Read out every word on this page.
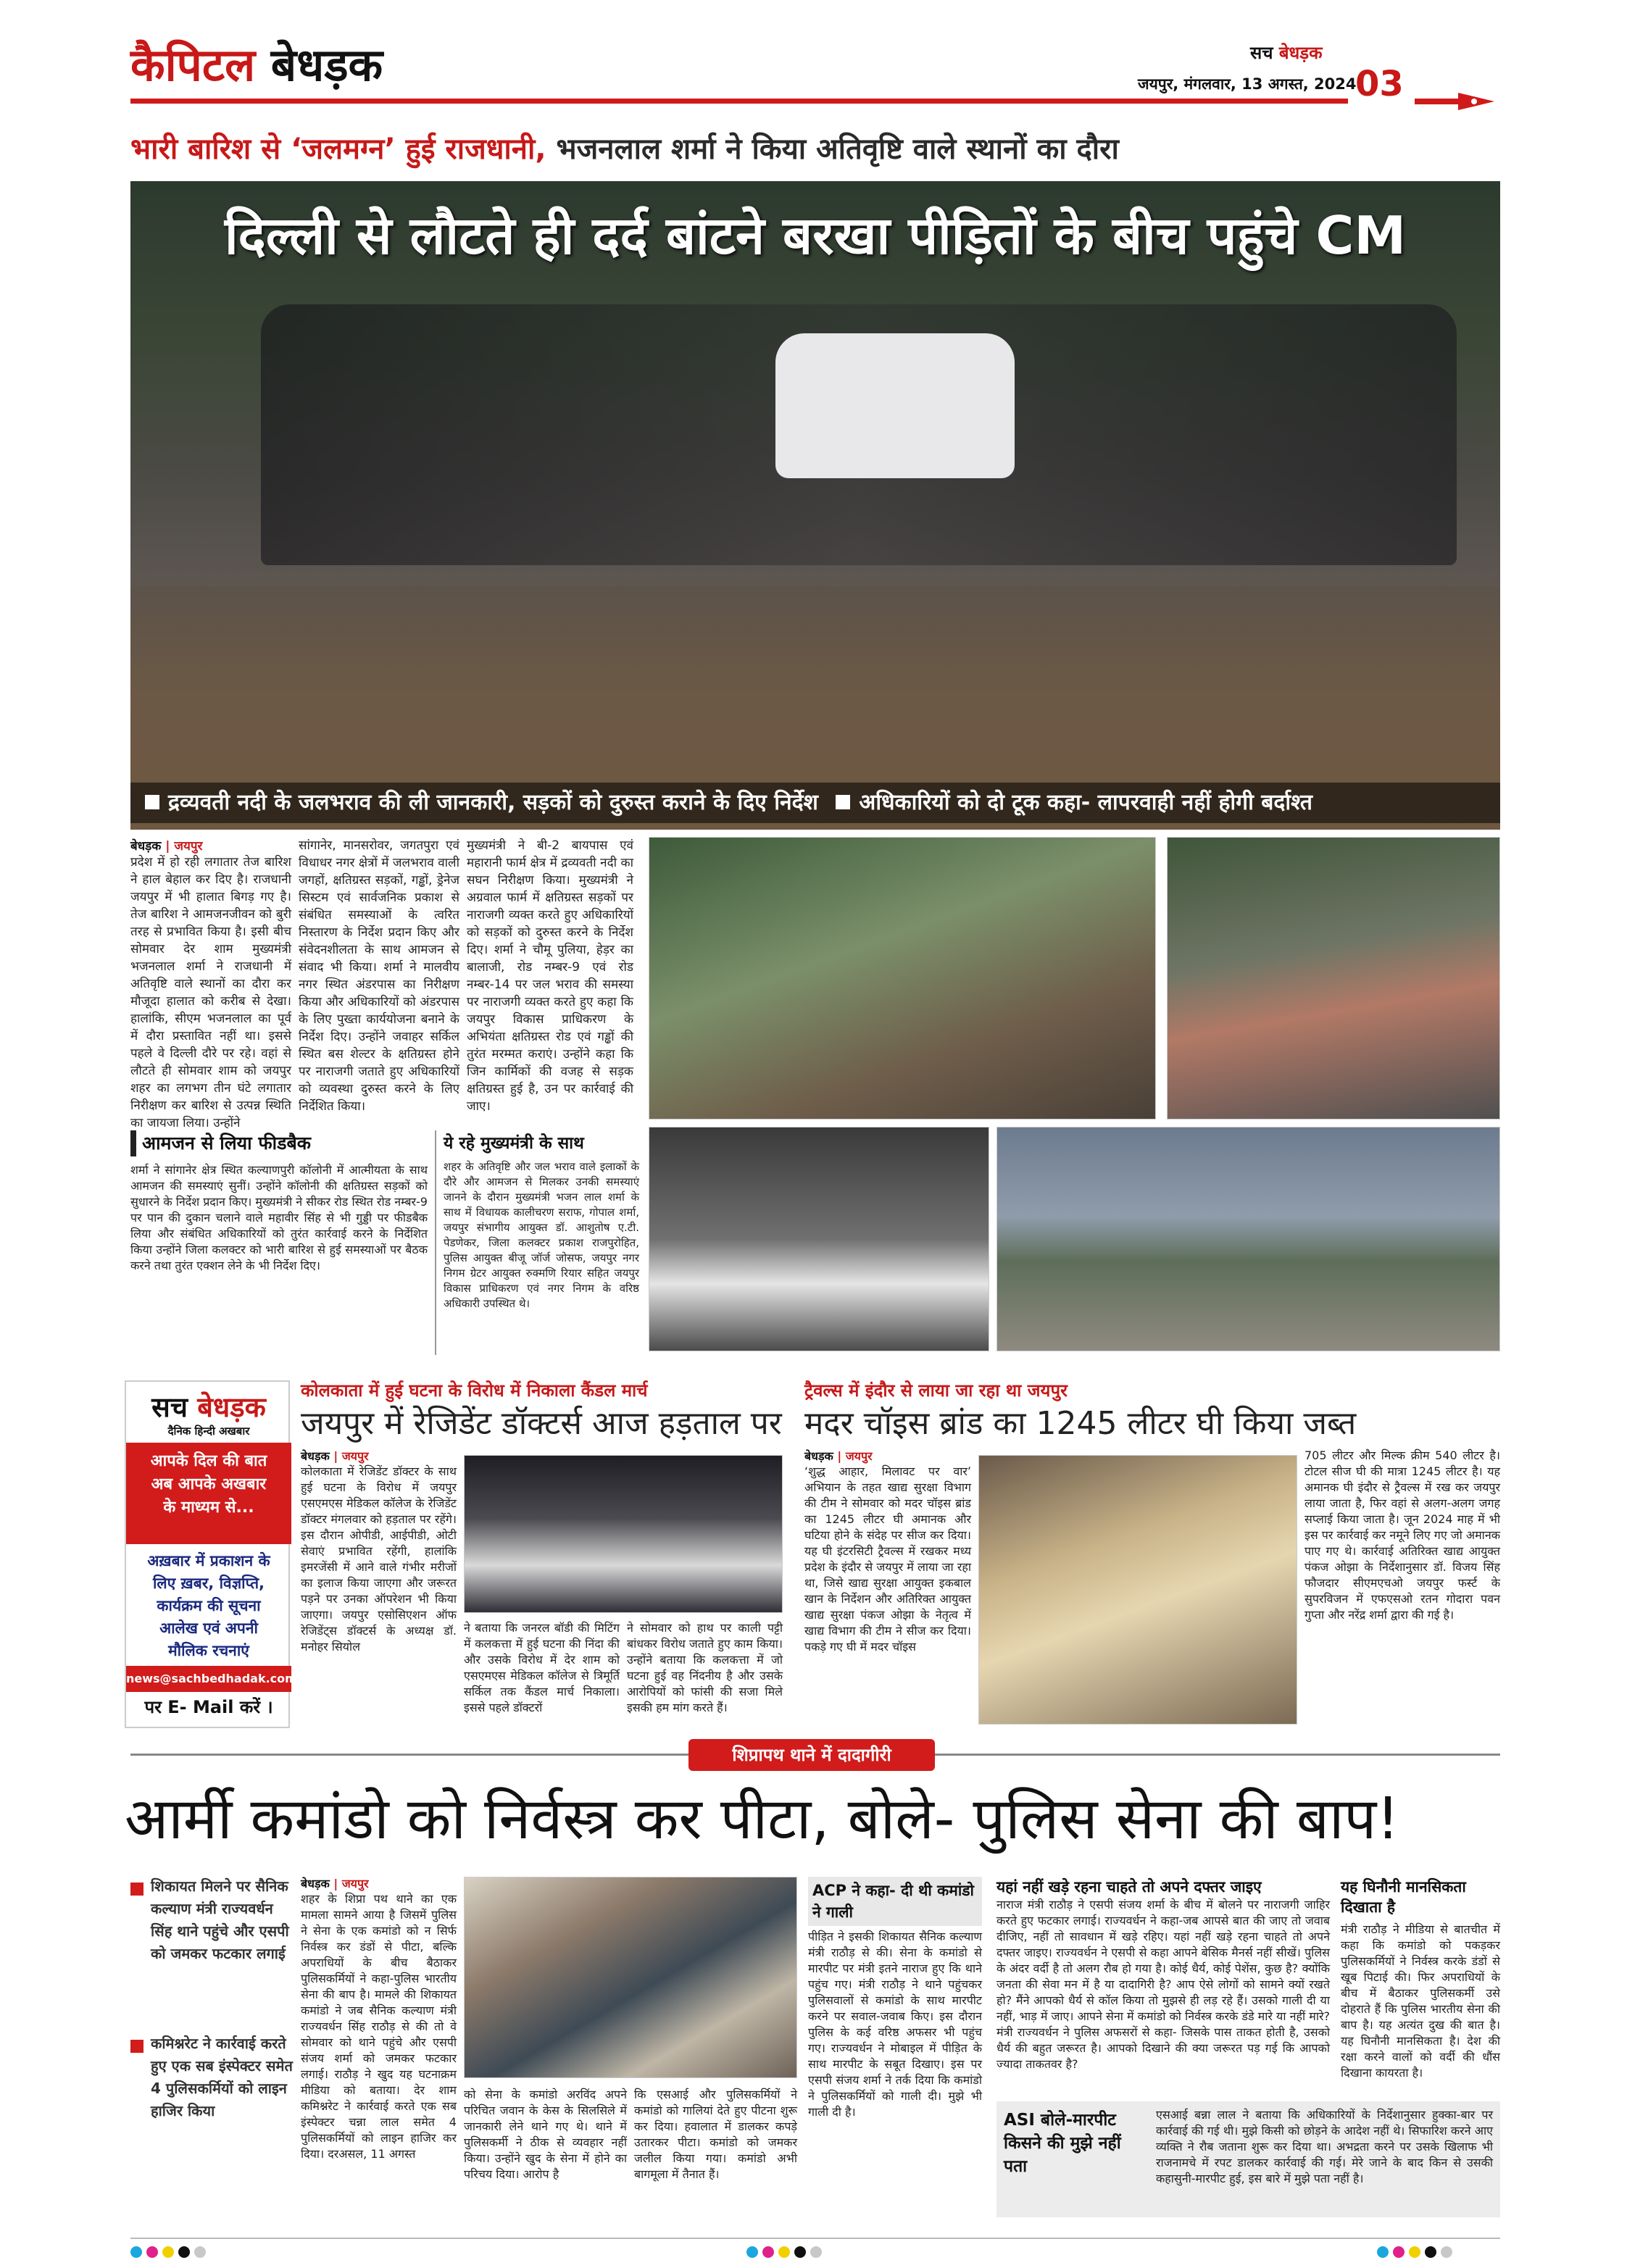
कैपिटल बेधड़क	सच बेधड़क
जयपुर, मंगलवार, 13 अगस्त, 2024
03
भारी बारिश से ‘जलमग्न’ हुई राजधानी, भजनलाल शर्मा ने किया अतिवृष्टि वाले स्थानों का दौरा
दिल्ली से लौटते ही दर्द बांटने बरखा पीड़ितों के बीच पहुंचे CM
द्रव्यवती नदी के जलभराव की ली जानकारी, सड़कों को दुरुस्त कराने के दिए निर्देश अधिकारियों को दो टूक कहा- लापरवाही नहीं होगी बर्दाश्त
बेधड़क | जयपुर
प्रदेश में हो रही लगातार तेज बारिश ने हाल बेहाल कर दिए है। राजधानी जयपुर में भी हालात बिगड़ गए है। तेज बारिश ने आमजनजीवन को बुरी तरह से प्रभावित किया है। इसी बीच सोमवार देर शाम मुख्यमंत्री भजनलाल शर्मा ने राजधानी में अतिवृष्टि वाले स्थानों का दौरा कर मौजूदा हालात को करीब से देखा। हालांकि, सीएम भजनलाल का पूर्व में दौरा प्रस्तावित नहीं था। इससे पहले वे दिल्ली दौरे पर रहे। वहां से लौटते ही सोमवार शाम को जयपुर शहर का लगभग तीन घंटे लगातार निरीक्षण कर बारिश से उत्पन्न स्थिति का जायजा लिया। उन्होंने
सांगानेर, मानसरोवर, जगतपुरा एवं विधाधर नगर क्षेत्रों में जलभराव वाली जगहों, क्षतिग्रस्त सड़कों, गड्ढों, ड्रेनेज सिस्टम एवं सार्वजनिक प्रकाश से संबंधित समस्याओं के त्वरित निस्तारण के निर्देश प्रदान किए और संवेदनशीलता के साथ आमजन से संवाद भी किया। शर्मा ने मालवीय नगर स्थित अंडरपास का निरीक्षण किया और अधिकारियों को अंडरपास के लिए पुख्ता कार्ययोजना बनाने के निर्देश दिए। उन्होंने जवाहर सर्किल स्थित बस शेल्टर के क्षतिग्रस्त होने पर नाराजगी जताते हुए अधिकारियों को व्यवस्था दुरुस्त करने के लिए निर्देशित किया।
मुख्यमंत्री ने बी-2 बायपास एवं महारानी फार्म क्षेत्र में द्रव्यवती नदी का सघन निरीक्षण किया। मुख्यमंत्री ने अग्रवाल फार्म में क्षतिग्रस्त सड़कों पर नाराजगी व्यक्त करते हुए अधिकारियों को सड़कों को दुरुस्त करने के निर्देश दिए। शर्मा ने चौमू पुलिया, हेड़र का बालाजी, रोड नम्बर-9 एवं रोड नम्बर-14 पर जल भराव की समस्या पर नाराजगी व्यक्त करते हुए कहा कि जयपुर विकास प्राधिकरण के अभियंता क्षतिग्रस्त रोड एवं गड्ढों की तुरंत मरम्मत कराएं। उन्होंने कहा कि जिन कार्मिकों की वजह से सड़क क्षतिग्रस्त हुई है, उन पर कार्रवाई की जाए।
आमजन से लिया फीडबैक
शर्मा ने सांगानेर क्षेत्र स्थित कल्याणपुरी कॉलोनी में आत्मीयता के साथ आमजन की समस्याएं सुनीं। उन्होंने कॉलोनी की क्षतिग्रस्त सड़कों को सुधारने के निर्देश प्रदान किए। मुख्यमंत्री ने सीकर रोड स्थित रोड नम्बर-9 पर पान की दुकान चलाने वाले महावीर सिंह से भी गुड्डी पर फीडबैक लिया और संबंधित अधिकारियों को तुरंत कार्रवाई करने के निर्देशित किया उन्होंने जिला कलक्टर को भारी बारिश से हुई समस्याओं पर बैठक करने तथा तुरंत एक्शन लेने के भी निर्देश दिए।
ये रहे मुख्यमंत्री के साथ
शहर के अतिवृष्टि और जल भराव वाले इलाकों के दौरे और आमजन से मिलकर उनकी समस्याएं जानने के दौरान मुख्यमंत्री भजन लाल शर्मा के साथ में विधायक कालीचरण सराफ, गोपाल शर्मा, जयपुर संभागीय आयुक्त डॉ. आशुतोष ए.टी. पेडणेकर, जिला कलक्टर प्रकाश राजपुरोहित, पुलिस आयुक्त बीजू जॉर्ज जोसफ, जयपुर नगर निगम ग्रेटर आयुक्त रुक्मणि रियार सहित जयपुर विकास प्राधिकरण एवं नगर निगम के वरिष्ठ अधिकारी उपस्थित थे।
सच बेधड़क
दैनिक हिन्दी अखबार
आपके दिल की बात
अब आपके अखबार
के माध्यम से...
अख़बार में प्रकाशन के
लिए ख़बर, विज्ञप्ति,
कार्यक्रम की सूचना
आलेख एवं अपनी
मौलिक रचनाएं
news@sachbedhadak.com
पर E- Mail करें ।
कोलकाता में हुई घटना के विरोध में निकाला कैंडल मार्च
जयपुर में रेजिडेंट डॉक्टर्स आज हड़ताल पर
बेधड़क | जयपुर
कोलकाता में रेजिडेंट डॉक्टर के साथ हुई घटना के विरोध में जयपुर एसएमएस मेडिकल कॉलेज के रेजिडेंट डॉक्टर मंगलवार को हड़ताल पर रहेंगे। इस दौरान ओपीडी, आईपीडी, ओटी सेवाएं प्रभावित रहेंगी, हालांकि इमरजेंसी में आने वाले गंभीर मरीजों का इलाज किया जाएगा और जरूरत पड़ने पर उनका ऑपरेशन भी किया जाएगा। जयपुर एसोसिएशन ऑफ रेजिडेंट्स डॉक्टर्स के अध्यक्ष डॉ. मनोहर सियोल
ने बताया कि जनरल बॉडी की मिटिंग में कलकत्ता में हुई घटना की निंदा की और उसके विरोध में देर शाम को एसएमएस मेडिकल कॉलेज से त्रिमूर्ति सर्किल तक कैंडल मार्च निकाला। इससे पहले डॉक्टरों
ने सोमवार को हाथ पर काली पट्टी बांधकर विरोध जताते हुए काम किया। उन्होंने बताया कि कलकत्ता में जो घटना हुई वह निंदनीय है और उसके आरोपियों को फांसी की सजा मिले इसकी हम मांग करते हैं।
ट्रैवल्स में इंदौर से लाया जा रहा था जयपुर
मदर चॉइस ब्रांड का 1245 लीटर घी किया जब्त
बेधड़क | जयपुर
‘शुद्ध आहार, मिलावट पर वार’ अभियान के तहत खाद्य सुरक्षा विभाग की टीम ने सोमवार को मदर चॉइस ब्रांड का 1245 लीटर घी अमानक और घटिया होने के संदेह पर सीज कर दिया। यह घी इंटरसिटी ट्रैवल्स में रखकर मध्य प्रदेश के इंदौर से जयपुर में लाया जा रहा था, जिसे खाद्य सुरक्षा आयुक्त इकबाल खान के निर्देशन और अतिरिक्त आयुक्त खाद्य सुरक्षा पंकज ओझा के नेतृत्व में खाद्य विभाग की टीम ने सीज कर दिया। पकड़े गए घी में मदर चॉइस
705 लीटर और मिल्क क्रीम 540 लीटर है। टोटल सीज घी की मात्रा 1245 लीटर है। यह अमानक घी इंदौर से ट्रैवल्स में रख कर जयपुर लाया जाता है, फिर वहां से अलग-अलग जगह सप्लाई किया जाता है। जून 2024 माह में भी इस पर कार्रवाई कर नमूने लिए गए जो अमानक पाए गए थे। कार्रवाई अतिरिक्त खाद्य आयुक्त पंकज ओझा के निर्देशानुसार डॉ. विजय सिंह फौजदार सीएमएचओ जयपुर फर्स्ट के सुपरविजन में एफएसओ रतन गोदारा पवन गुप्ता और नरेंद्र शर्मा द्वारा की गई है।
शिप्रापथ थाने में दादागीरी
आर्मी कमांडो को निर्वस्त्र कर पीटा, बोले- पुलिस सेना की बाप!
शिकायत मिलने पर सैनिक कल्याण मंत्री राज्यवर्धन सिंह थाने पहुंचे और एसपी को जमकर फटकार लगाई
कमिश्नरेट ने कार्रवाई करते हुए एक सब इंस्पेक्टर समेत 4 पुलिसकर्मियों को लाइन हाजिर किया
बेधड़क | जयपुर
शहर के शिप्रा पथ थाने का एक मामला सामने आया है जिसमें पुलिस ने सेना के एक कमांडो को न सिर्फ निर्वस्त्र कर डंडों से पीटा, बल्कि अपराधियों के बीच बैठाकर पुलिसकर्मियों ने कहा-पुलिस भारतीय सेना की बाप है। मामले की शिकायत कमांडो ने जब सैनिक कल्याण मंत्री राज्यवर्धन सिंह राठौड़ से की तो वे सोमवार को थाने पहुंचे और एसपी संजय शर्मा को जमकर फटकार लगाई। राठौड़ ने खुद यह घटनाक्रम मीडिया को बताया। देर शाम कमिश्नरेट ने कार्रवाई करते एक सब इंस्पेक्टर चन्ना लाल समेत 4 पुलिसकर्मियों को लाइन हाजिर कर दिया। दरअसल, 11 अगस्त
को सेना के कमांडो अरविंद अपने परिचित जवान के केस के सिलसिले में जानकारी लेने थाने गए थे। थाने में पुलिसकर्मी ने ठीक से व्यवहार नहीं किया। उन्होंने खुद के सेना में होने का परिचय दिया। आरोप है
कि एसआई और पुलिसकर्मियों ने कमांडो को गालियां देते हुए पीटना शुरू कर दिया। हवालात में डालकर कपड़े उतारकर पीटा। कमांडो को जमकर जलील किया गया। कमांडो अभी बागमूला में तैनात हैं।
ACP ने कहा- दी थी कमांडो ने गाली
पीड़ित ने इसकी शिकायत सैनिक कल्याण मंत्री राठौड़ से की। सेना के कमांडो से मारपीट पर मंत्री इतने नाराज हुए कि थाने पहुंच गए। मंत्री राठौड़ ने थाने पहुंचकर पुलिसवालों से कमांडो के साथ मारपीट करने पर सवाल-जवाब किए। इस दौरान पुलिस के कई वरिष्ठ अफसर भी पहुंच गए। राज्यवर्धन ने मोबाइल में पीड़ित के साथ मारपीट के सबूत दिखाए। इस पर एसपी संजय शर्मा ने तर्क दिया कि कमांडो ने पुलिसकर्मियों को गाली दी। मुझे भी गाली दी है।
यहां नहीं खड़े रहना चाहते तो अपने दफ्तर जाइए
नाराज मंत्री राठौड़ ने एसपी संजय शर्मा के बीच में बोलने पर नाराजगी जाहिर करते हुए फटकार लगाई। राज्यवर्धन ने कहा-जब आपसे बात की जाए तो जवाब दीजिए, नहीं तो सावधान में खड़े रहिए। यहां नहीं खड़े रहना चाहते तो अपने दफ्तर जाइए। राज्यवर्धन ने एसपी से कहा आपने बेसिक मैनर्स नहीं सीखें। पुलिस के अंदर वर्दी है तो अलग रौब हो गया है। कोई धैर्य, कोई पेशेंस, कुछ है? क्योंकि जनता की सेवा मन में है या दादागिरी है? आप ऐसे लोगों को सामने क्यों रखते हो? मैंने आपको धैर्य से कॉल किया तो मुझसे ही लड़ रहे हैं। उसको गाली दी या नहीं, भाड़ में जाए। आपने सेना में कमांडो को निर्वस्त्र करके डंडे मारे या नहीं मारे? मंत्री राज्यवर्धन ने पुलिस अफसरों से कहा- जिसके पास ताकत होती है, उसको धैर्य की बहुत जरूरत है। आपको दिखाने की क्या जरूरत पड़ गई कि आपको ज्यादा ताकतवर है?
ASI बोले-मारपीट किसने की मुझे नहीं पता
एसआई बन्ना लाल ने बताया कि अधिकारियों के निर्देशानुसार हुक्का-बार पर कार्रवाई की गई थी। मुझे किसी को छोड़ने के आदेश नहीं थे। सिफारिश करने आए व्यक्ति ने रौब जताना शुरू कर दिया था। अभद्रता करने पर उसके खिलाफ भी राजनामचे में रपट डालकर कार्रवाई की गई। मेरे जाने के बाद किन से उसकी कहासुनी-मारपीट हुई, इस बारे में मुझे पता नहीं है।
यह घिनौनी मानसिकता दिखाता है
मंत्री राठौड़ ने मीडिया से बातचीत में कहा कि कमांडो को पकड़कर पुलिसकर्मियों ने निर्वस्त्र करके डंडों से खूब पिटाई की। फिर अपराधियों के बीच में बैठाकर पुलिसकर्मी उसे दोहराते हैं कि पुलिस भारतीय सेना की बाप है। यह अत्यंत दुख की बात है। यह घिनौनी मानसिकता है। देश की रक्षा करने वालों को वर्दी की धौंस दिखाना कायरता है।
